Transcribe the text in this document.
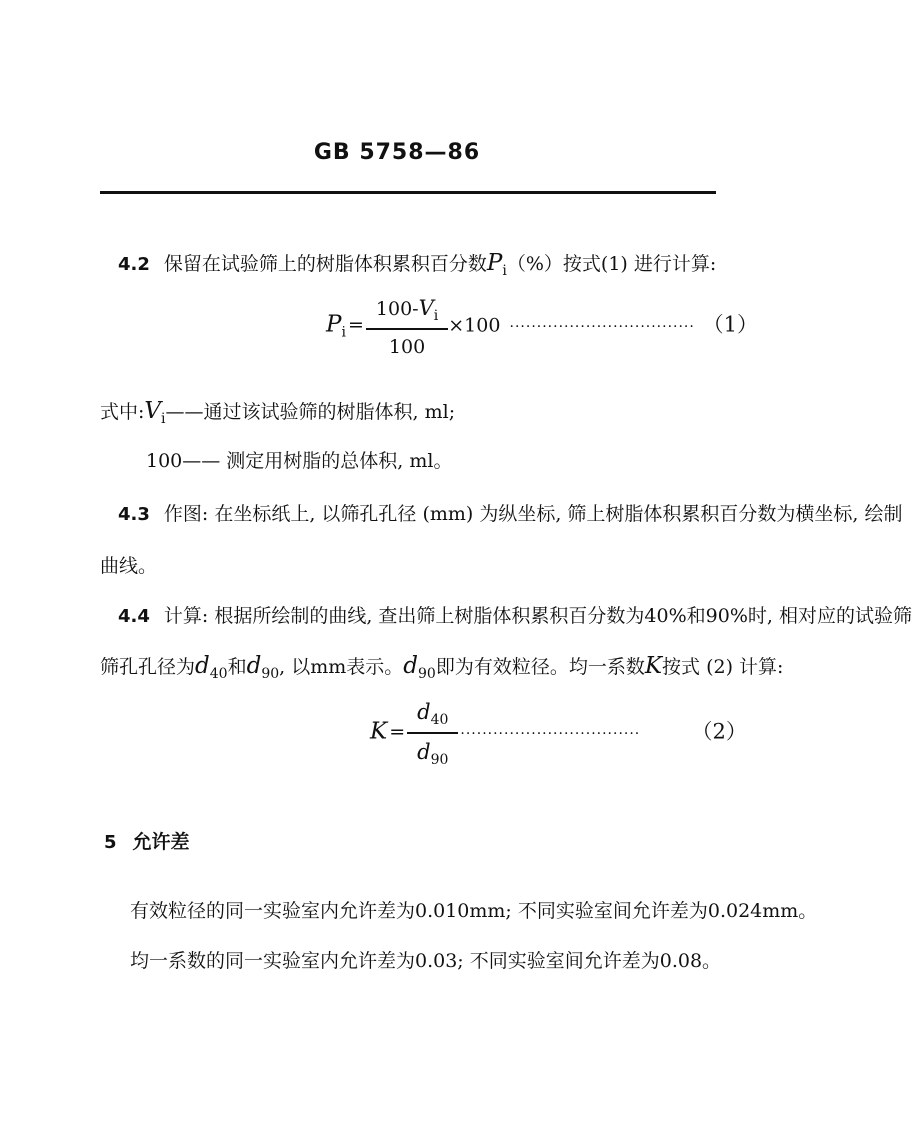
GB 5758—86
4.2 保留在试验筛上的树脂体积累积百分数$P_i(\%)$按式(1) 进行计算:
$Pi = \frac{100-V_i}{100} \times 100$ ·································· （1）
式中$:V_i——$通过该试验筛的树脂体积, ml;
100—— 测定用树脂的总体积, ml。
4.3 作图: 在坐标纸上, 以筛孔孔径 (mm) 为纵坐标, 筛上树脂体积累积百分数为横坐标, 绘制
曲线。
4.4 计算: 根据所绘制的曲线, 查出筛上树脂体积累积百分数为40%和90%时, 相对应的试验筛
筛孔孔径为$d_{40}$和$d_{90}$, 以mm表示。$d_{90}$即为有效粒径。均一系数K按式 (2) 计算:
$K = \frac{d_{40}}{d_{90}}$ ································· （2）
5 允许差
有效粒径的同一实验室内允许差为0.010mm; 不同实验室间允许差为0.024mm。
均一系数的同一实验室内允许差为0.03; 不同实验室间允许差为0.08。
